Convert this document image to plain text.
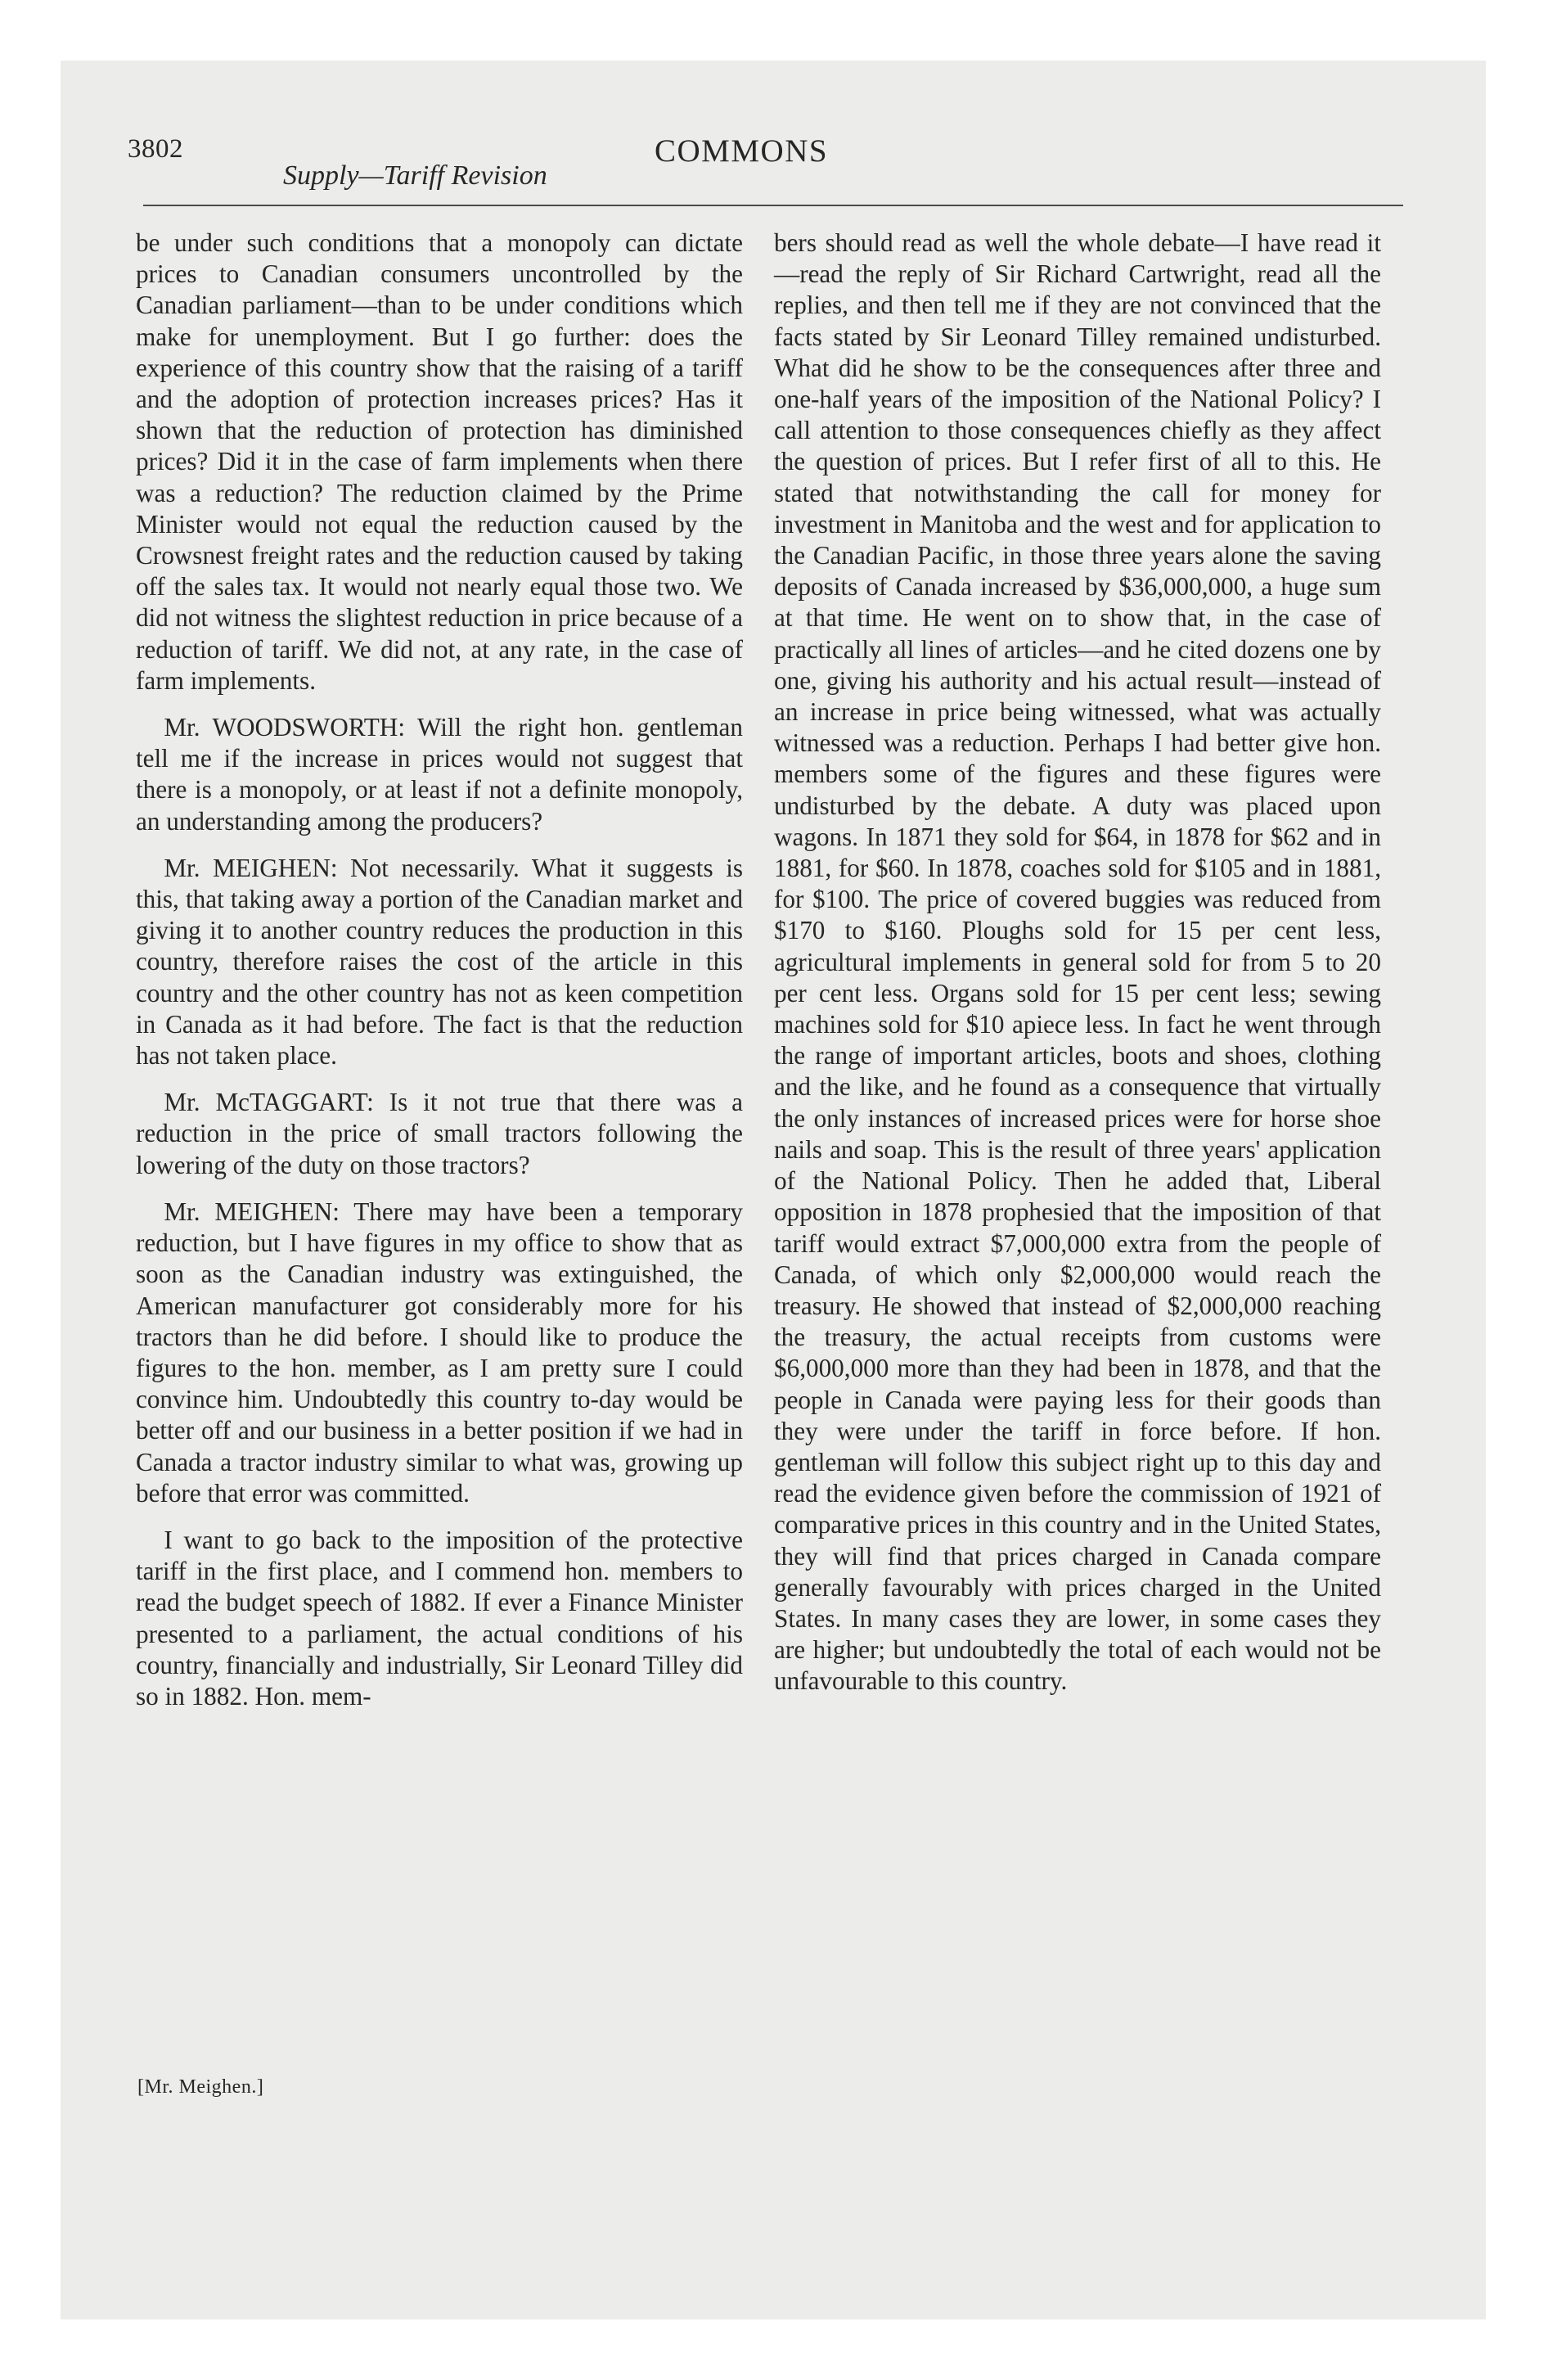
3802
Supply—Tariff Revision
COMMONS

be under such conditions that a monopoly can dictate prices to Canadian consumers uncontrolled by the Canadian parliament—than to be under conditions which make for unemployment. But I go further: does the experience of this country show that the raising of a tariff and the adoption of protection increases prices? Has it shown that the reduction of protection has diminished prices? Did it in the case of farm implements when there was a reduction? The reduction claimed by the Prime Minister would not equal the reduction caused by the Crowsnest freight rates and the reduction caused by taking off the sales tax. It would not nearly equal those two. We did not witness the slightest reduction in price because of a reduction of tariff. We did not, at any rate, in the case of farm implements.

Mr. WOODSWORTH: Will the right hon. gentleman tell me if the increase in prices would not suggest that there is a monopoly, or at least if not a definite monopoly, an understanding among the producers?

Mr. MEIGHEN: Not necessarily. What it suggests is this, that taking away a portion of the Canadian market and giving it to another country reduces the production in this country, therefore raises the cost of the article in this country and the other country has not as keen competition in Canada as it had before. The fact is that the reduction has not taken place.

Mr. McTAGGART: Is it not true that there was a reduction in the price of small tractors following the lowering of the duty on those tractors?

Mr. MEIGHEN: There may have been a temporary reduction, but I have figures in my office to show that as soon as the Canadian industry was extinguished, the American manufacturer got considerably more for his tractors than he did before. I should like to produce the figures to the hon. member, as I am pretty sure I could convince him. Undoubtedly this country to-day would be better off and our business in a better position if we had in Canada a tractor industry similar to what was, growing up before that error was committed.

I want to go back to the imposition of the protective tariff in the first place, and I commend hon. members to read the budget speech of 1882. If ever a Finance Minister presented to a parliament, the actual conditions of his country, financially and industrially, Sir Leonard Tilley did so in 1882. Hon. mem-

bers should read as well the whole debate—I have read it—read the reply of Sir Richard Cartwright, read all the replies, and then tell me if they are not convinced that the facts stated by Sir Leonard Tilley remained undisturbed. What did he show to be the consequences after three and one-half years of the imposition of the National Policy? I call attention to those consequences chiefly as they affect the question of prices. But I refer first of all to this. He stated that notwithstanding the call for money for investment in Manitoba and the west and for application to the Canadian Pacific, in those three years alone the saving deposits of Canada increased by $36,000,000, a huge sum at that time. He went on to show that, in the case of practically all lines of articles—and he cited dozens one by one, giving his authority and his actual result—instead of an increase in price being witnessed, what was actually witnessed was a reduction. Perhaps I had better give hon. members some of the figures and these figures were undisturbed by the debate. A duty was placed upon wagons. In 1871 they sold for $64, in 1878 for $62 and in 1881, for $60. In 1878, coaches sold for $105 and in 1881, for $100. The price of covered buggies was reduced from $170 to $160. Ploughs sold for 15 per cent less, agricultural implements in general sold for from 5 to 20 per cent less. Organs sold for 15 per cent less; sewing machines sold for $10 apiece less. In fact he went through the range of important articles, boots and shoes, clothing and the like, and he found as a consequence that virtually the only instances of increased prices were for horse shoe nails and soap. This is the result of three years' application of the National Policy. Then he added that, Liberal opposition in 1878 prophesied that the imposition of that tariff would extract $7,000,000 extra from the people of Canada, of which only $2,000,000 would reach the treasury. He showed that instead of $2,000,000 reaching the treasury, the actual receipts from customs were $6,000,000 more than they had been in 1878, and that the people in Canada were paying less for their goods than they were under the tariff in force before. If hon. gentleman will follow this subject right up to this day and read the evidence given before the commission of 1921 of comparative prices in this country and in the United States, they will find that prices charged in Canada compare generally favourably with prices charged in the United States. In many cases they are lower, in some cases they are higher; but undoubtedly the total of each would not be unfavourable to this country.

[Mr. Meighen.]
